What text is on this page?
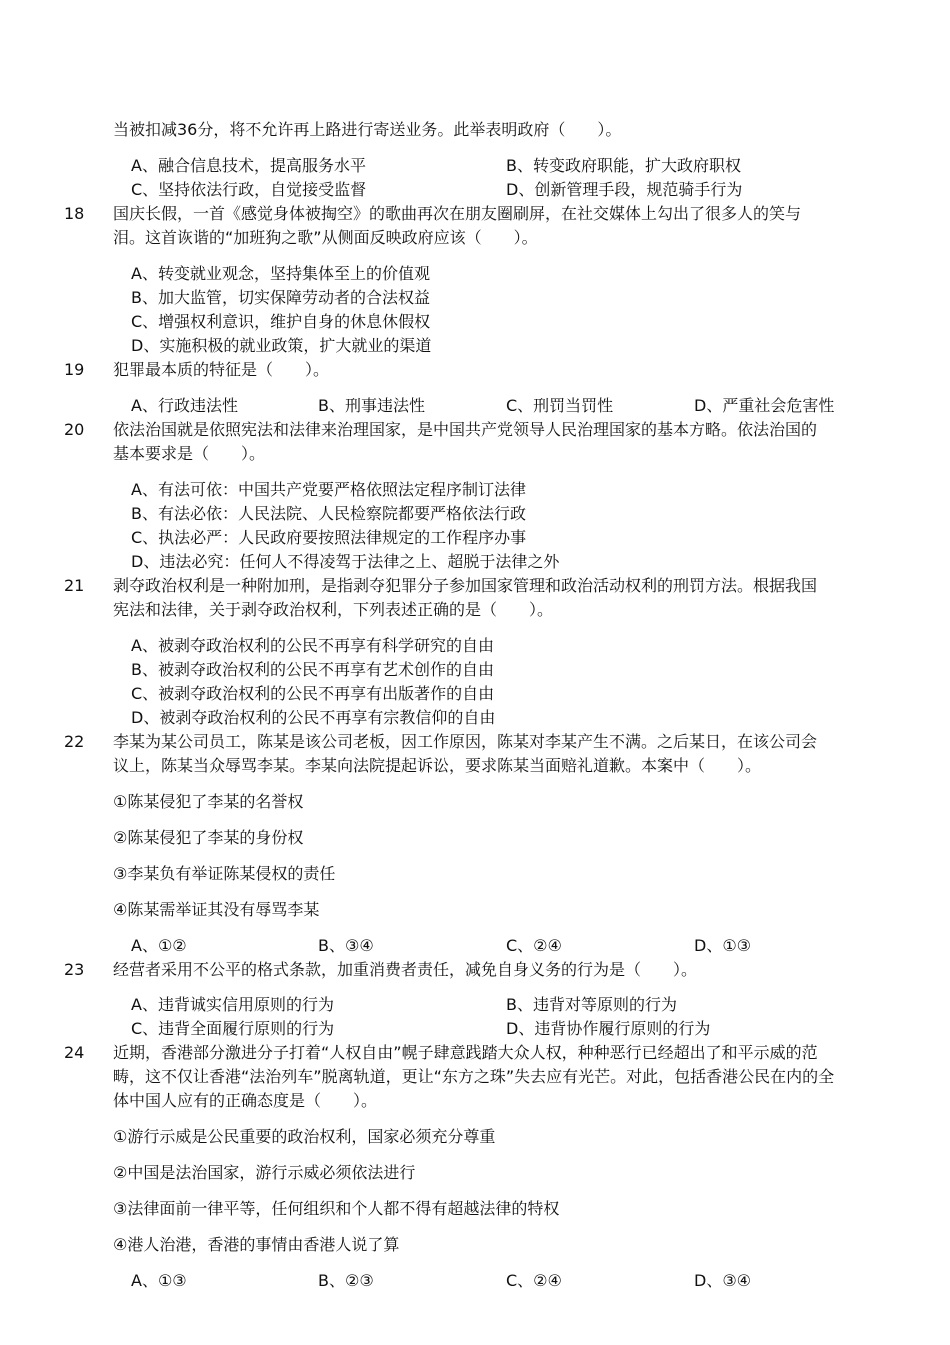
当被扣减36分，将不允许再上路进行寄送业务。此举表明政府（　　）。
A、融合信息技术，提高服务水平	B、转变政府职能，扩大政府职权
C、坚持依法行政，自觉接受监督	D、创新管理手段，规范骑手行为
18 国庆长假，一首《感觉身体被掏空》的歌曲再次在朋友圈刷屏，在社交媒体上勾出了很多人的笑与
泪。这首诙谐的“加班狗之歌”从侧面反映政府应该（　　）。
A、转变就业观念，坚持集体至上的价值观
B、加大监管，切实保障劳动者的合法权益
C、增强权利意识，维护自身的休息休假权
D、实施积极的就业政策，扩大就业的渠道
19 犯罪最本质的特征是（　　）。
A、行政违法性	B、刑事违法性	C、刑罚当罚性	D、严重社会危害性
20 依法治国就是依照宪法和法律来治理国家，是中国共产党领导人民治理国家的基本方略。依法治国的
基本要求是（　　）。
A、有法可依：中国共产党要严格依照法定程序制订法律
B、有法必依：人民法院、人民检察院都要严格依法行政
C、执法必严：人民政府要按照法律规定的工作程序办事
D、违法必究：任何人不得凌驾于法律之上、超脱于法律之外
21 剥夺政治权利是一种附加刑，是指剥夺犯罪分子参加国家管理和政治活动权利的刑罚方法。根据我国
宪法和法律，关于剥夺政治权利，下列表述正确的是（　　）。
A、被剥夺政治权利的公民不再享有科学研究的自由
B、被剥夺政治权利的公民不再享有艺术创作的自由
C、被剥夺政治权利的公民不再享有出版著作的自由
D、被剥夺政治权利的公民不再享有宗教信仰的自由
22 李某为某公司员工，陈某是该公司老板，因工作原因，陈某对李某产生不满。之后某日，在该公司会
议上，陈某当众辱骂李某。李某向法院提起诉讼，要求陈某当面赔礼道歉。本案中（　　）。
①陈某侵犯了李某的名誉权
②陈某侵犯了李某的身份权
③李某负有举证陈某侵权的责任
④陈某需举证其没有辱骂李某
A、①②	B、③④	C、②④	D、①③
23 经营者采用不公平的格式条款，加重消费者责任，减免自身义务的行为是（　　）。
A、违背诚实信用原则的行为	B、违背对等原则的行为
C、违背全面履行原则的行为	D、违背协作履行原则的行为
24 近期，香港部分激进分子打着“人权自由”幌子肆意践踏大众人权，种种恶行已经超出了和平示威的范
畴，这不仅让香港“法治列车”脱离轨道，更让“东方之珠”失去应有光芒。对此，包括香港公民在内的全
体中国人应有的正确态度是（　　）。
①游行示威是公民重要的政治权利，国家必须充分尊重
②中国是法治国家，游行示威必须依法进行
③法律面前一律平等，任何组织和个人都不得有超越法律的特权
④港人治港，香港的事情由香港人说了算
A、①③	B、②③	C、②④	D、③④
